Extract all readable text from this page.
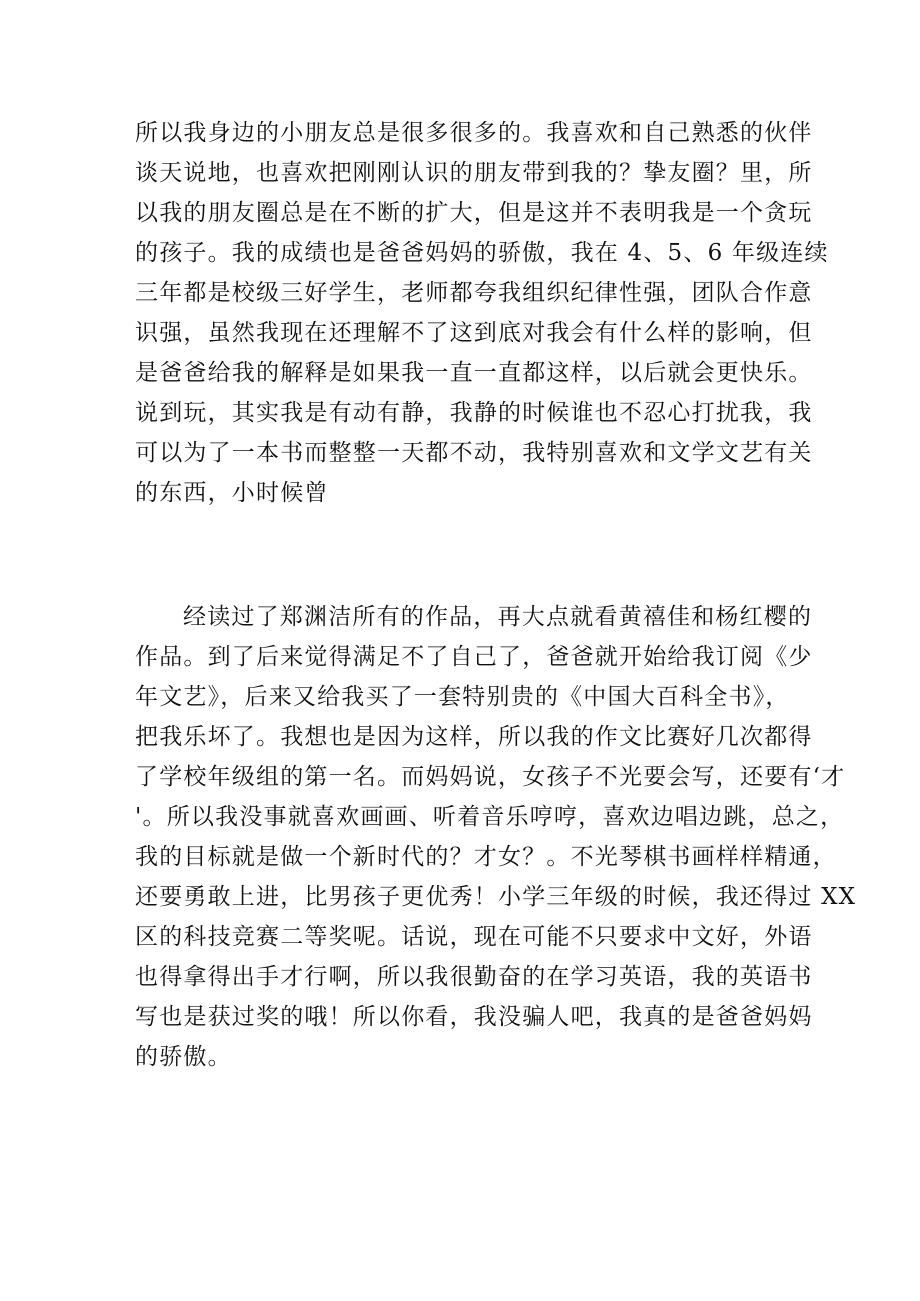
所以我身边的小朋友总是很多很多的。我喜欢和自己熟悉的伙伴
谈天说地，也喜欢把刚刚认识的朋友带到我的？挚友圈？里，所
以我的朋友圈总是在不断的扩大，但是这并不表明我是一个贪玩
的孩子。我的成绩也是爸爸妈妈的骄傲，我在 4、5、6 年级连续
三年都是校级三好学生，老师都夸我组织纪律性强，团队合作意
识强，虽然我现在还理解不了这到底对我会有什么样的影响，但
是爸爸给我的解释是如果我一直一直都这样，以后就会更快乐。
说到玩，其实我是有动有静，我静的时候谁也不忍心打扰我，我
可以为了一本书而整整一天都不动，我特别喜欢和文学文艺有关
的东西，小时候曾
经读过了郑渊洁所有的作品，再大点就看黄禧佳和杨红樱的
作品。到了后来觉得满足不了自己了，爸爸就开始给我订阅《少
年文艺》，后来又给我买了一套特别贵的《中国大百科全书》，
把我乐坏了。我想也是因为这样，所以我的作文比赛好几次都得
了学校年级组的第一名。而妈妈说，女孩子不光要会写，还要有‘才
'。所以我没事就喜欢画画、听着音乐哼哼，喜欢边唱边跳，总之，
我的目标就是做一个新时代的？才女？。不光琴棋书画样样精通，
还要勇敢上进，比男孩子更优秀！小学三年级的时候，我还得过 XX
区的科技竞赛二等奖呢。话说，现在可能不只要求中文好，外语
也得拿得出手才行啊，所以我很勤奋的在学习英语，我的英语书
写也是获过奖的哦！所以你看，我没骗人吧，我真的是爸爸妈妈
的骄傲。
